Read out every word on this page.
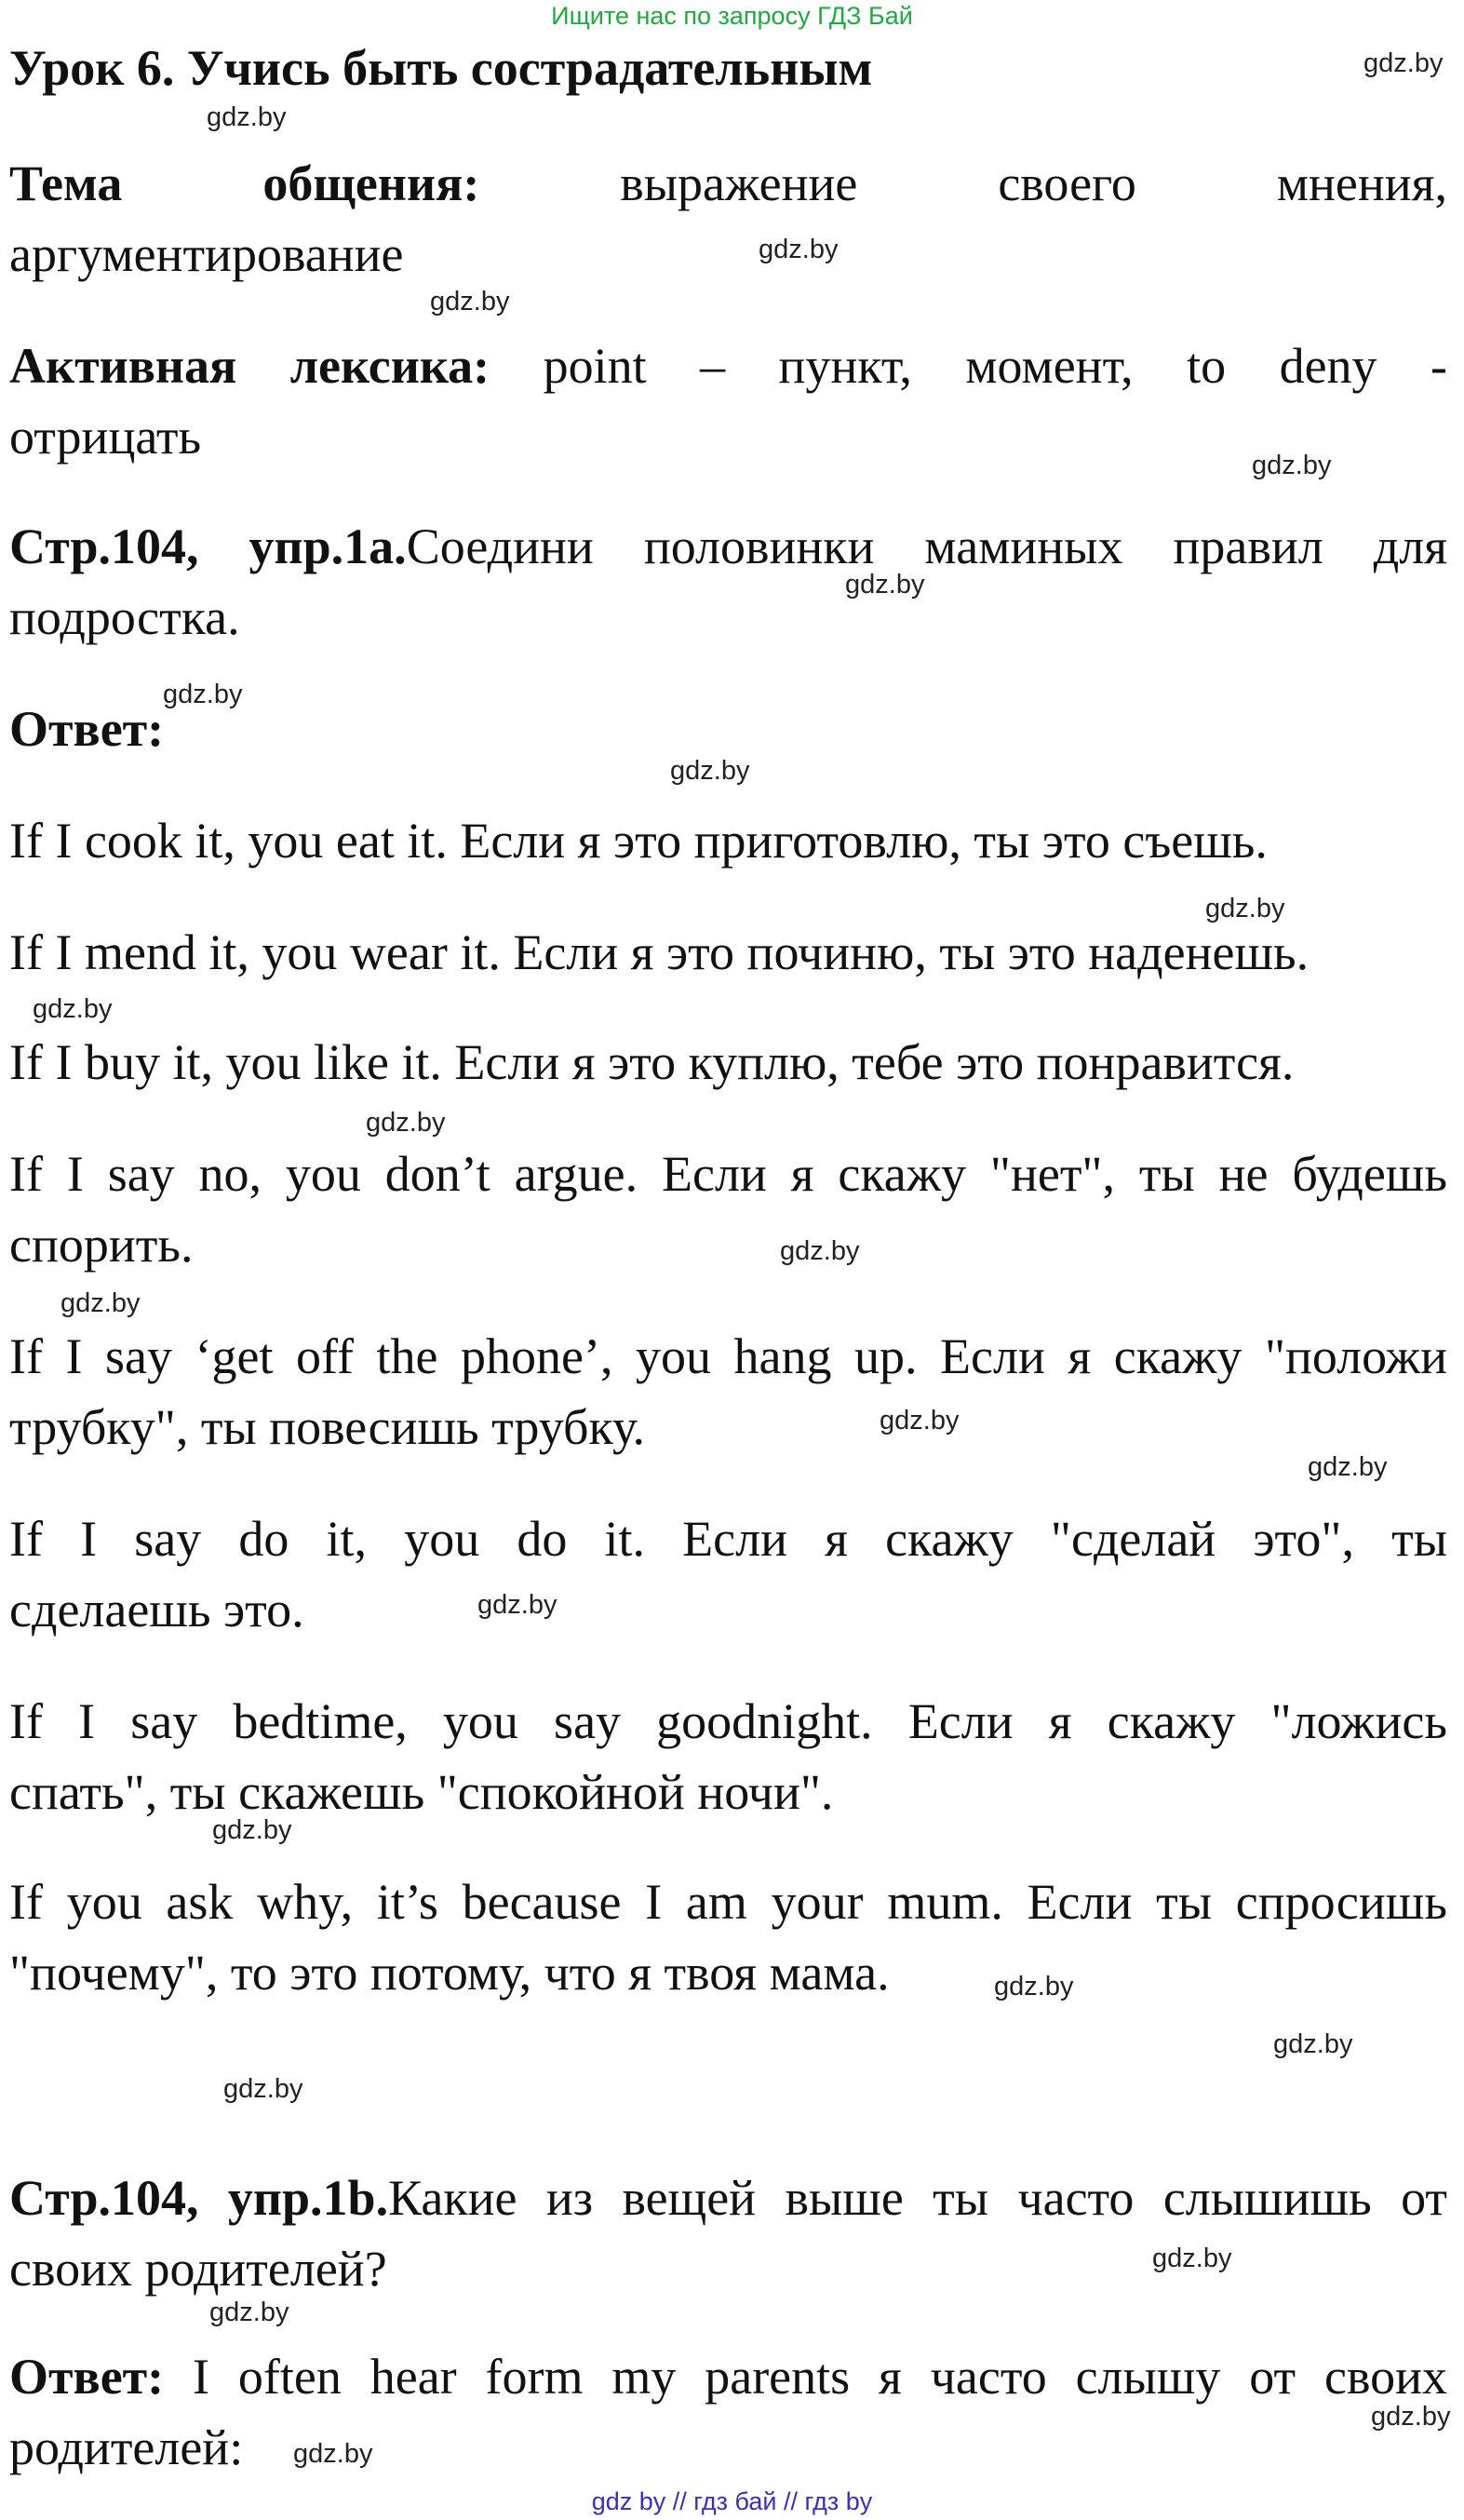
Ищите нас по запросу ГДЗ Бай
Урок 6. Учись быть сострадательным
Тема общения:	выражение своего мнения,
аргументирование
Активная лексика: point – пункт, момент, to deny -
отрицать
Стр.104, упр.1a.Соедини половинки маминых правил для
подростка.
Ответ:
If I cook it, you eat it. Если я это приготовлю, ты это съешь.
If I mend it, you wear it. Если я это починю, ты это наденешь.
If I buy it, you like it. Если я это куплю, тебе это понравится.
If I say no, you don’t argue. Если я скажу "нет", ты не будешь
спорить.
If I say ‘get off the phone’, you hang up. Если я скажу "положи
трубку", ты повесишь трубку.
If I say do it, you do it. Если я скажу "сделай это", ты
сделаешь это.
If I say bedtime, you say goodnight. Если я скажу "ложись
спать", ты скажешь "спокойной ночи".
If you ask why, it’s because I am your mum. Если ты спросишь
"почему", то это потому, что я твоя мама.
Стр.104, упр.1b.Какие из вещей выше ты часто слышишь от
своих родителей?
Ответ: I often hear form my parents я часто слышу от своих
родителей:
gdz.by
gdz.by
gdz.by
gdz.by
gdz.by
gdz.by
gdz.by
gdz.by
gdz.by
gdz.by
gdz.by
gdz.by
gdz.by
gdz.by
gdz.by
gdz.by
gdz.by
gdz.by
gdz.by
gdz.by
gdz.by
gdz.by
gdz.by
gdz.by
gdz by // гдз бай // гдз by
